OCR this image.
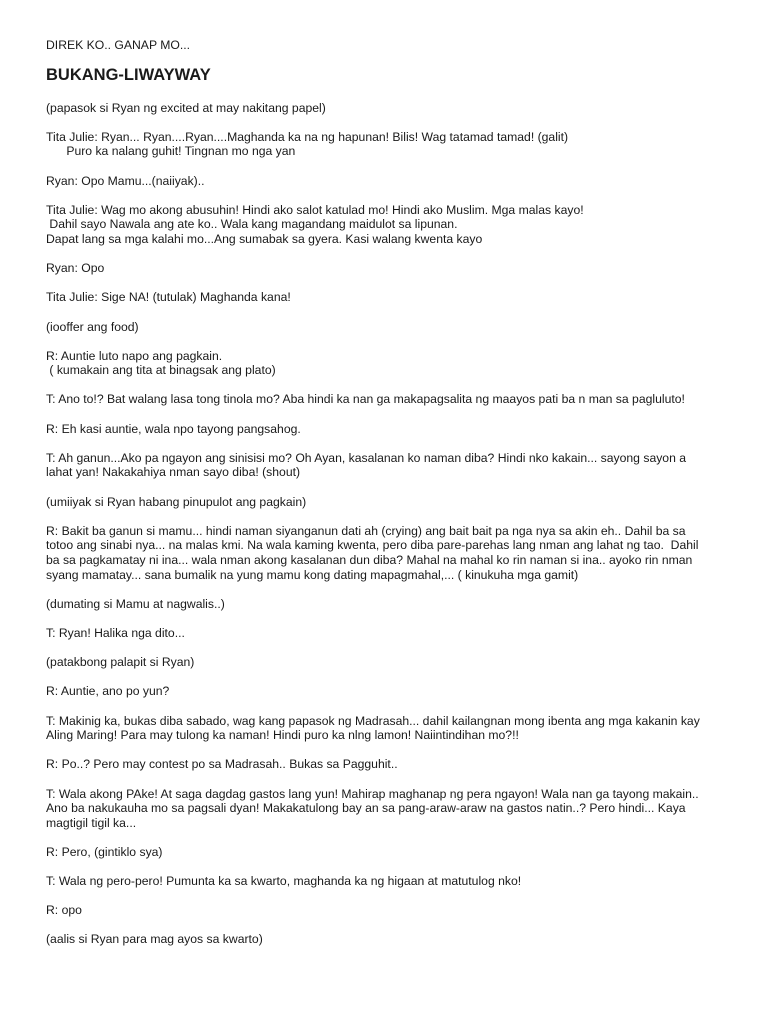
DIREK KO.. GANAP MO...
BUKANG-LIWAYWAY
(papasok si Ryan ng excited at may nakitang papel)
Tita Julie: Ryan... Ryan....Ryan....Maghanda ka na ng hapunan! Bilis! Wag tatamad tamad! (galit)
Puro ka nalang guhit! Tingnan mo nga yan
Ryan: Opo Mamu...(naiiyak)..
Tita Julie: Wag mo akong abusuhin! Hindi ako salot katulad mo! Hindi ako Muslim. Mga malas kayo!
Dahil sayo Nawala ang ate ko.. Wala kang magandang maidulot sa lipunan.
Dapat lang sa mga kalahi mo...Ang sumabak sa gyera. Kasi walang kwenta kayo
Ryan: Opo
Tita Julie: Sige NA! (tutulak) Maghanda kana!
(iooffer ang food)
R: Auntie luto napo ang pagkain.
( kumakain ang tita at binagsak ang plato)
T: Ano to!? Bat walang lasa tong tinola mo? Aba hindi ka nan ga makapagsalita ng maayos pati ba n man sa pagluluto!
R: Eh kasi auntie, wala npo tayong pangsahog.
T: Ah ganun...Ako pa ngayon ang sinisisi mo? Oh Ayan, kasalanan ko naman diba? Hindi nko kakain... sayong sayon a
lahat yan! Nakakahiya nman sayo diba! (shout)
(umiiyak si Ryan habang pinupulot ang pagkain)
R: Bakit ba ganun si mamu... hindi naman siyanganun dati ah (crying) ang bait bait pa nga nya sa akin eh.. Dahil ba sa
totoo ang sinabi nya... na malas kmi. Na wala kaming kwenta, pero diba pare-parehas lang nman ang lahat ng tao.  Dahil
ba sa pagkamatay ni ina... wala nman akong kasalanan dun diba? Mahal na mahal ko rin naman si ina.. ayoko rin nman
syang mamatay... sana bumalik na yung mamu kong dating mapagmahal,... ( kinukuha mga gamit)
(dumating si Mamu at nagwalis..)
T: Ryan! Halika nga dito...
(patakbong palapit si Ryan)
R: Auntie, ano po yun?
T: Makinig ka, bukas diba sabado, wag kang papasok ng Madrasah... dahil kailangnan mong ibenta ang mga kakanin kay
Aling Maring! Para may tulong ka naman! Hindi puro ka nlng lamon! Naiintindihan mo?!!
R: Po..? Pero may contest po sa Madrasah.. Bukas sa Pagguhit..
T: Wala akong PAke! At saga dagdag gastos lang yun! Mahirap maghanap ng pera ngayon! Wala nan ga tayong makain..
Ano ba nakukauha mo sa pagsali dyan! Makakatulong bay an sa pang-araw-araw na gastos natin..? Pero hindi... Kaya
magtigil tigil ka...
R: Pero, (gintiklo sya)
T: Wala ng pero-pero! Pumunta ka sa kwarto, maghanda ka ng higaan at matutulog nko!
R: opo
(aalis si Ryan para mag ayos sa kwarto)
